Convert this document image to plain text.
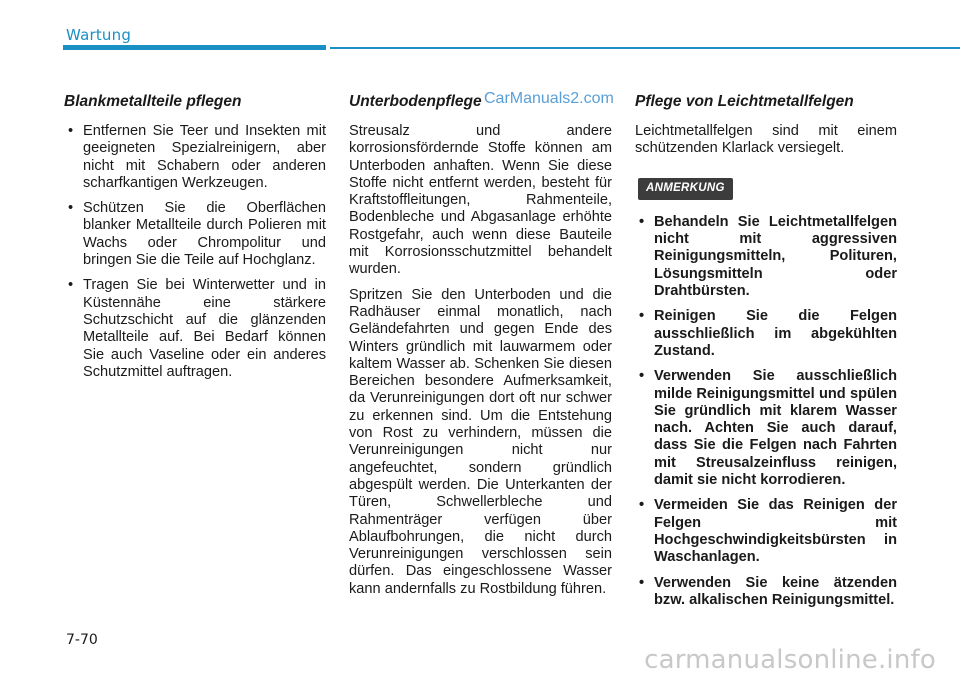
Wartung
Blankmetallteile pflegen
• Entfernen Sie Teer und Insekten mit geeigneten Spezialreinigern, aber nicht mit Schabern oder anderen scharfkantigen Werkzeugen.
• Schützen Sie die Oberflächen blanker Metallteile durch Polieren mit Wachs oder Chrompolitur und bringen Sie die Teile auf Hochglanz.
• Tragen Sie bei Winterwetter und in Küstennähe eine stärkere Schutzschicht auf die glänzenden Metallteile auf. Bei Bedarf können Sie auch Vaseline oder ein anderes Schutzmittel auftragen.
Unterbodenpflege CarManuals2.com

Streusalz und andere korrosionsfördernde Stoffe können am Unterboden anhaften. Wenn Sie diese Stoffe nicht entfernt werden, besteht für Kraftstoffleitungen, Rahmenteile, Bodenbleche und Abgasanlage erhöhte Rostgefahr, auch wenn diese Bauteile mit Korrosionsschutzmittel behandelt wurden.

Spritzen Sie den Unterboden und die Radhäuser einmal monatlich, nach Geländefahrten und gegen Ende des Winters gründlich mit lauwarmem oder kaltem Wasser ab. Schenken Sie diesen Bereichen besondere Aufmerksamkeit, da Verunreinigungen dort oft nur schwer zu erkennen sind. Um die Entstehung von Rost zu verhindern, müssen die Verunreinigungen nicht nur angefeuchtet, sondern gründlich abgespült werden. Die Unterkanten der Türen, Schwellerbleche und Rahmenträger verfügen über Ablaufbohrungen, die nicht durch Verunreinigungen verschlossen sein dürfen. Das eingeschlossene Wasser kann andernfalls zu Rostbildung führen.

Pflege von Leichtmetallfelgen

Leichtmetallfelgen sind mit einem schützenden Klarlack versiegelt.

ANMERKUNG
• Behandeln Sie Leichtmetallfelgen nicht mit aggressiven Reinigungsmitteln, Polituren, Lösungsmitteln oder Drahtbürsten.
• Reinigen Sie die Felgen ausschließlich im abgekühlten Zustand.
• Verwenden Sie ausschließlich milde Reinigungsmittel und spülen Sie gründlich mit klarem Wasser nach. Achten Sie auch darauf, dass Sie die Felgen nach Fahrten mit Streusalzeinfluss reinigen, damit sie nicht korrodieren.
• Vermeiden Sie das Reinigen der Felgen mit Hochgeschwindigkeitsbürsten in Waschanlagen.
• Verwenden Sie keine ätzenden bzw. alkalischen Reinigungsmittel.
7-70
carmanualsonline.info
